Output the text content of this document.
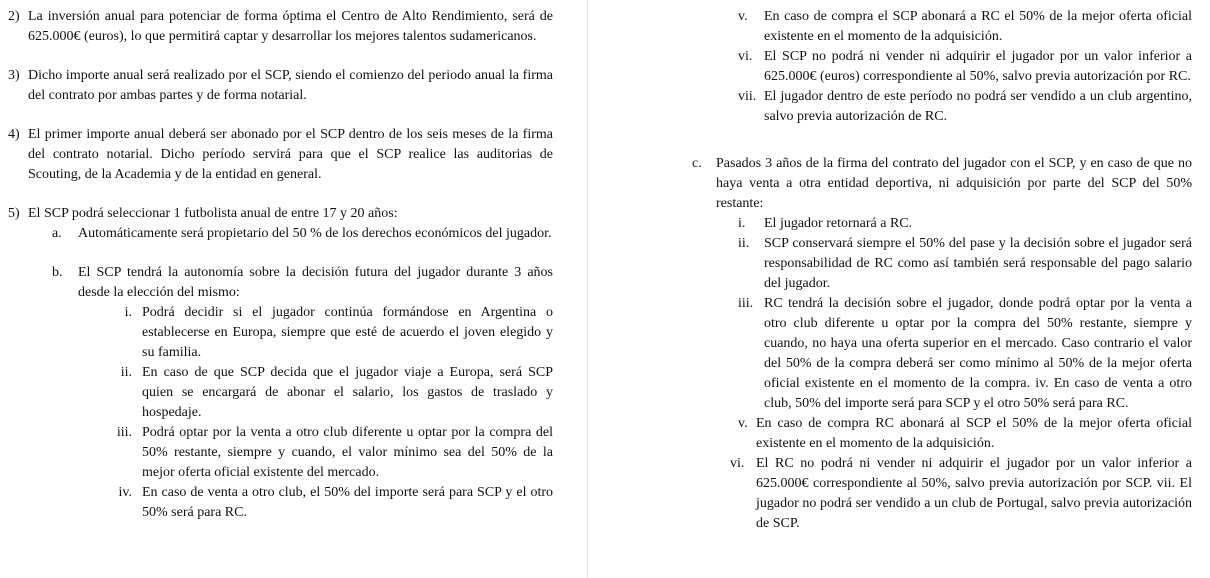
2) La inversión anual para potenciar de forma óptima el Centro de Alto Rendimiento, será de 625.000€ (euros), lo que permitirá captar y desarrollar los mejores talentos sudamericanos.
3) Dicho importe anual será realizado por el SCP, siendo el comienzo del periodo anual la firma del contrato por ambas partes y de forma notarial.
4) El primer importe anual deberá ser abonado por el SCP dentro de los seis meses de la firma del contrato notarial. Dicho período servirá para que el SCP realice las auditorias de Scouting, de la Academia y de la entidad en general.
5) El SCP podrá seleccionar 1 futbolista anual de entre 17 y 20 años:
a.	Automáticamente será propietario del 50 % de los derechos económicos del jugador.
b.	El SCP tendrá la autonomía sobre la decisión futura del jugador durante 3 años desde la elección del mismo:
i. Podrá decidir si el jugador continúa formándose en Argentina o establecerse en Europa, siempre que esté de acuerdo el joven elegido y su familia.
ii. En caso de que SCP decida que el jugador viaje a Europa, será SCP quien se encargará de abonar el salario, los gastos de traslado y hospedaje.
iii. Podrá optar por la venta a otro club diferente u optar por la compra del 50% restante, siempre y cuando, el valor mínimo sea del 50% de la mejor oferta oficial existente del mercado.
iv. En caso de venta a otro club, el 50% del importe será para SCP y el otro 50% será para RC.
v.	En caso de compra el SCP abonará a RC el 50% de la mejor oferta oficial existente en el momento de la adquisición.
vi. El SCP no podrá ni vender ni adquirir el jugador por un valor inferior a 625.000€ (euros) correspondiente al 50%, salvo previa autorización por RC.
vii. El jugador dentro de este período no podrá ser vendido a un club argentino, salvo previa autorización de RC.
c.	Pasados 3 años de la firma del contrato del jugador con el SCP, y en caso de que no haya venta a otra entidad deportiva, ni adquisición por parte del SCP del 50% restante:
i.	El jugador retornará a RC.
ii.	SCP conservará siempre el 50% del pase y la decisión sobre el jugador será responsabilidad de RC como así también será responsable del pago salario del jugador.
iii. RC tendrá la decisión sobre el jugador, donde podrá optar por la venta a otro club diferente u optar por la compra del 50% restante, siempre y cuando, no haya una oferta superior en el mercado. Caso contrario el valor del 50% de la compra deberá ser como mínimo al 50% de la mejor oferta oficial existente en el momento de la compra. iv. En caso de venta a otro club, 50% del importe será para SCP y el otro 50% será para RC.
v. En caso de compra RC abonará al SCP el 50% de la mejor oferta oficial existente en el momento de la adquisición.
vi. El RC no podrá ni vender ni adquirir el jugador por un valor inferior a 625.000€ correspondiente al 50%, salvo previa autorización por SCP. vii. El jugador no podrá ser vendido a un club de Portugal, salvo previa autorización de SCP.
